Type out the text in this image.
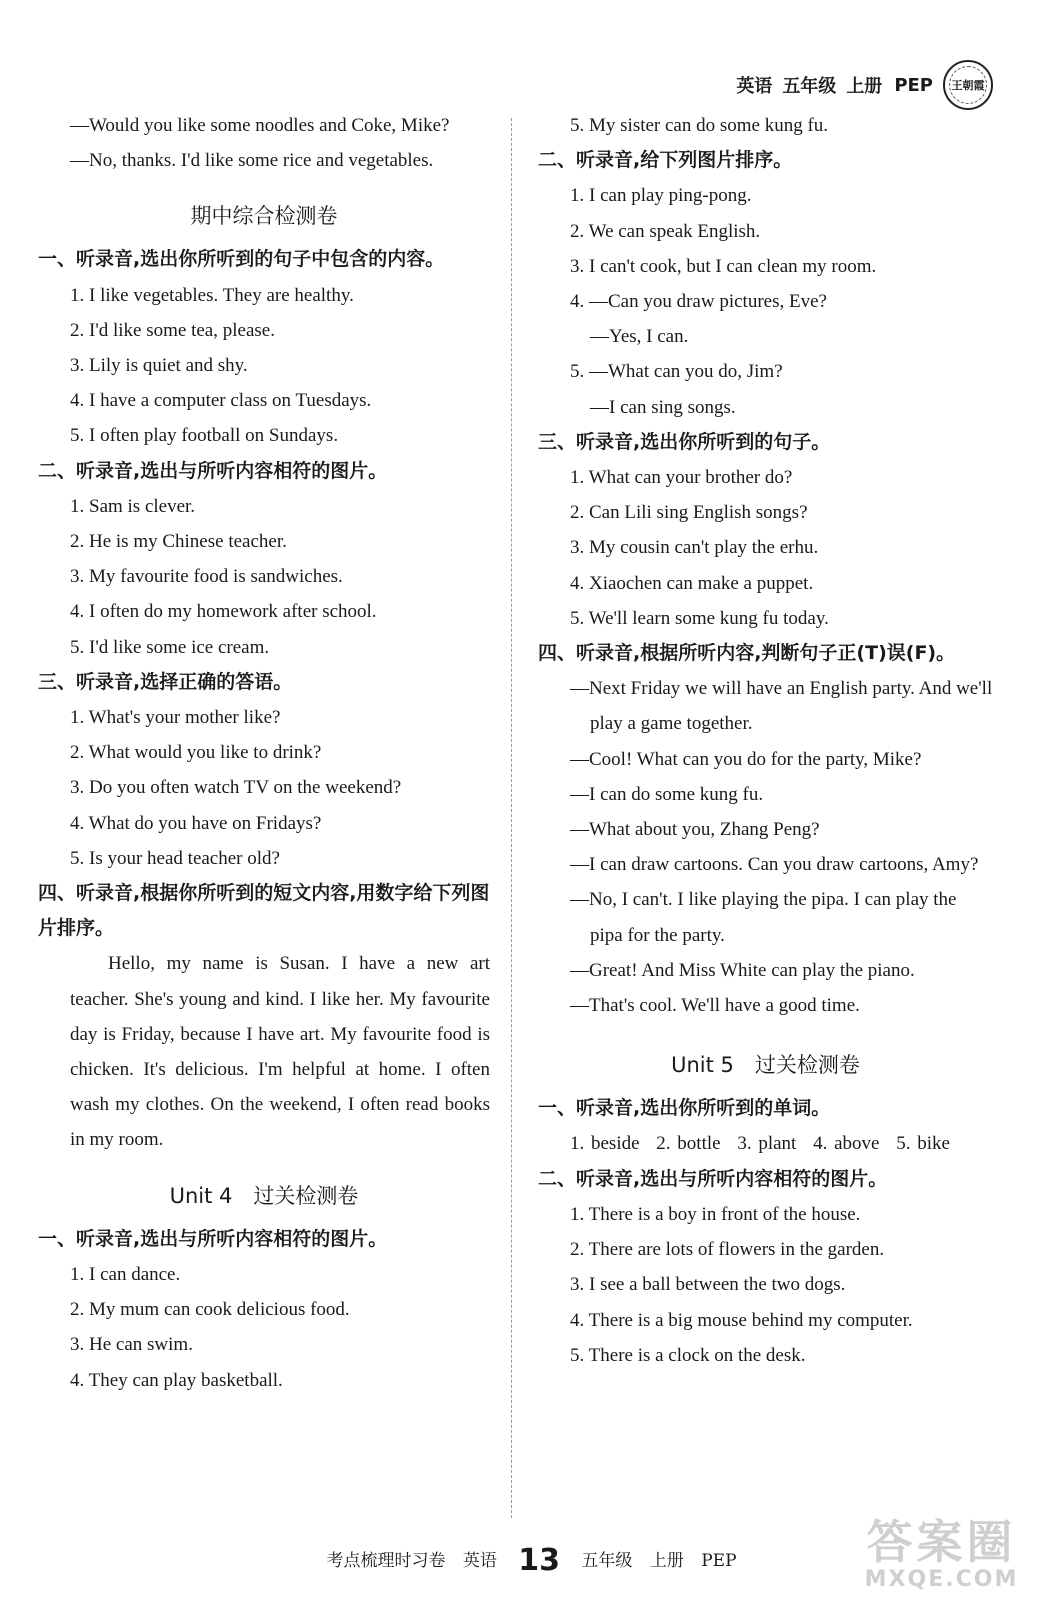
英语 五年级 上册 PEP 王朝霞
—Would you like some noodles and Coke, Mike?
—No, thanks. I'd like some rice and vegetables.
期中综合检测卷
一、听录音,选出你所听到的句子中包含的内容。
1. I like vegetables. They are healthy.
2. I'd like some tea, please.
3. Lily is quiet and shy.
4. I have a computer class on Tuesdays.
5. I often play football on Sundays.
二、听录音,选出与所听内容相符的图片。
1. Sam is clever.
2. He is my Chinese teacher.
3. My favourite food is sandwiches.
4. I often do my homework after school.
5. I'd like some ice cream.
三、听录音,选择正确的答语。
1. What's your mother like?
2. What would you like to drink?
3. Do you often watch TV on the weekend?
4. What do you have on Fridays?
5. Is your head teacher old?
四、听录音,根据你所听到的短文内容,用数字给下列图片排序。
Hello, my name is Susan. I have a new art teacher. She's young and kind. I like her. My favourite day is Friday, because I have art. My favourite food is chicken. It's delicious. I'm helpful at home. I often wash my clothes. On the weekend, I often read books in my room.
Unit 4　过关检测卷
一、听录音,选出与所听内容相符的图片。
1. I can dance.
2. My mum can cook delicious food.
3. He can swim.
4. They can play basketball.
5. My sister can do some kung fu.
二、听录音,给下列图片排序。
1. I can play ping-pong.
2. We can speak English.
3. I can't cook, but I can clean my room.
4. —Can you draw pictures, Eve?
—Yes, I can.
5. —What can you do, Jim?
—I can sing songs.
三、听录音,选出你所听到的句子。
1. What can your brother do?
2. Can Lili sing English songs?
3. My cousin can't play the erhu.
4. Xiaochen can make a puppet.
5. We'll learn some kung fu today.
四、听录音,根据所听内容,判断句子正(T)误(F)。
—Next Friday we will have an English party. And we'll play a game together.
—Cool! What can you do for the party, Mike?
—I can do some kung fu.
—What about you, Zhang Peng?
—I can draw cartoons. Can you draw cartoons, Amy?
—No, I can't. I like playing the pipa. I can play the pipa for the party.
—Great! And Miss White can play the piano.
—That's cool. We'll have a good time.
Unit 5　过关检测卷
一、听录音,选出你所听到的单词。
1. beside 2. bottle 3. plant 4. above 5. bike
二、听录音,选出与所听内容相符的图片。
1. There is a boy in front of the house.
2. There are lots of flowers in the garden.
3. I see a ball between the two dogs.
4. There is a big mouse behind my computer.
5. There is a clock on the desk.
考点梳理时习卷 英语 13 五年级 上册 PEP	答案圈
MXQE.COM
